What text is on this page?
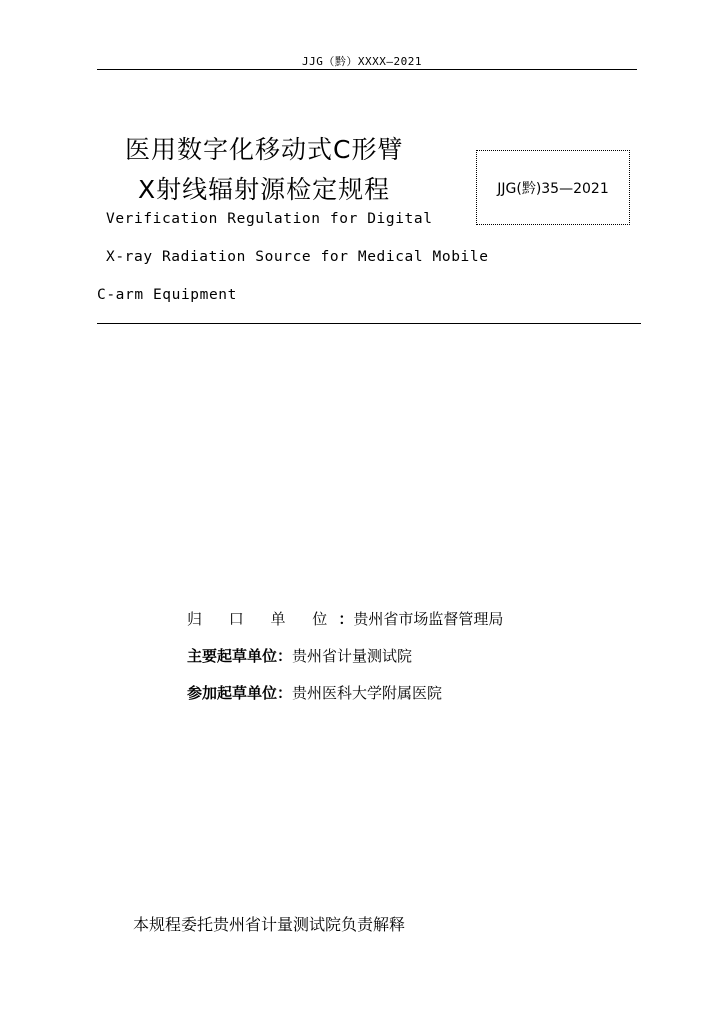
JJG（黔）XXXX—2021
医用数字化移动式C形臂
X射线辐射源检定规程	JJG(黔)35—2021
Verification Regulation for Digital
X-ray Radiation Source for Medical Mobile
C-arm Equipment
归 口 单 位 ： 贵州省市场监督管理局
主要起草单位 ： 贵州省计量测试院
参加起草单位 ： 贵州医科大学附属医院
本规程委托贵州省计量测试院负责解释
